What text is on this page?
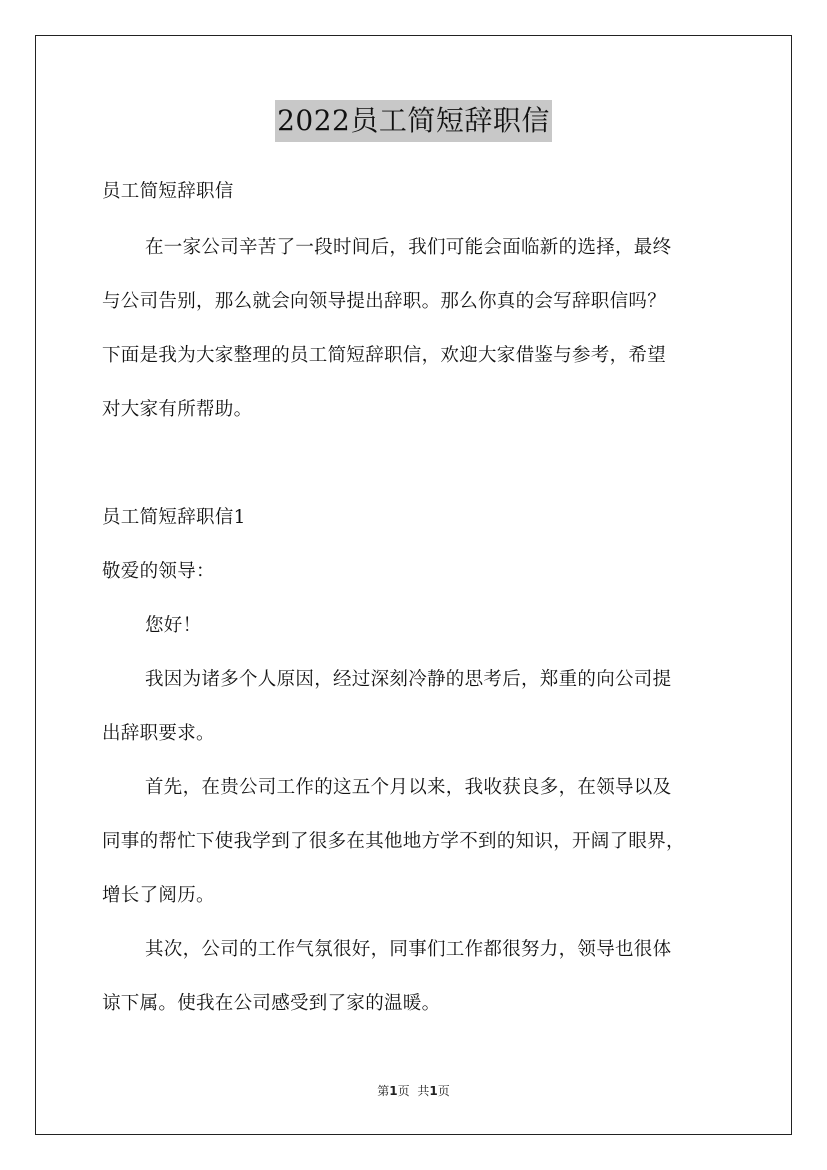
2022员工简短辞职信
员工简短辞职信
在一家公司辛苦了一段时间后，我们可能会面临新的选择，最终
与公司告别，那么就会向领导提出辞职。那么你真的会写辞职信吗？
下面是我为大家整理的员工简短辞职信，欢迎大家借鉴与参考，希望
对大家有所帮助。
员工简短辞职信1
敬爱的领导：
您好！
我因为诸多个人原因，经过深刻冷静的思考后，郑重的向公司提
出辞职要求。
首先，在贵公司工作的这五个月以来，我收获良多，在领导以及
同事的帮忙下使我学到了很多在其他地方学不到的知识，开阔了眼界，
增长了阅历。
其次，公司的工作气氛很好，同事们工作都很努力，领导也很体
谅下属。使我在公司感受到了家的温暖。
第1页 共1页
